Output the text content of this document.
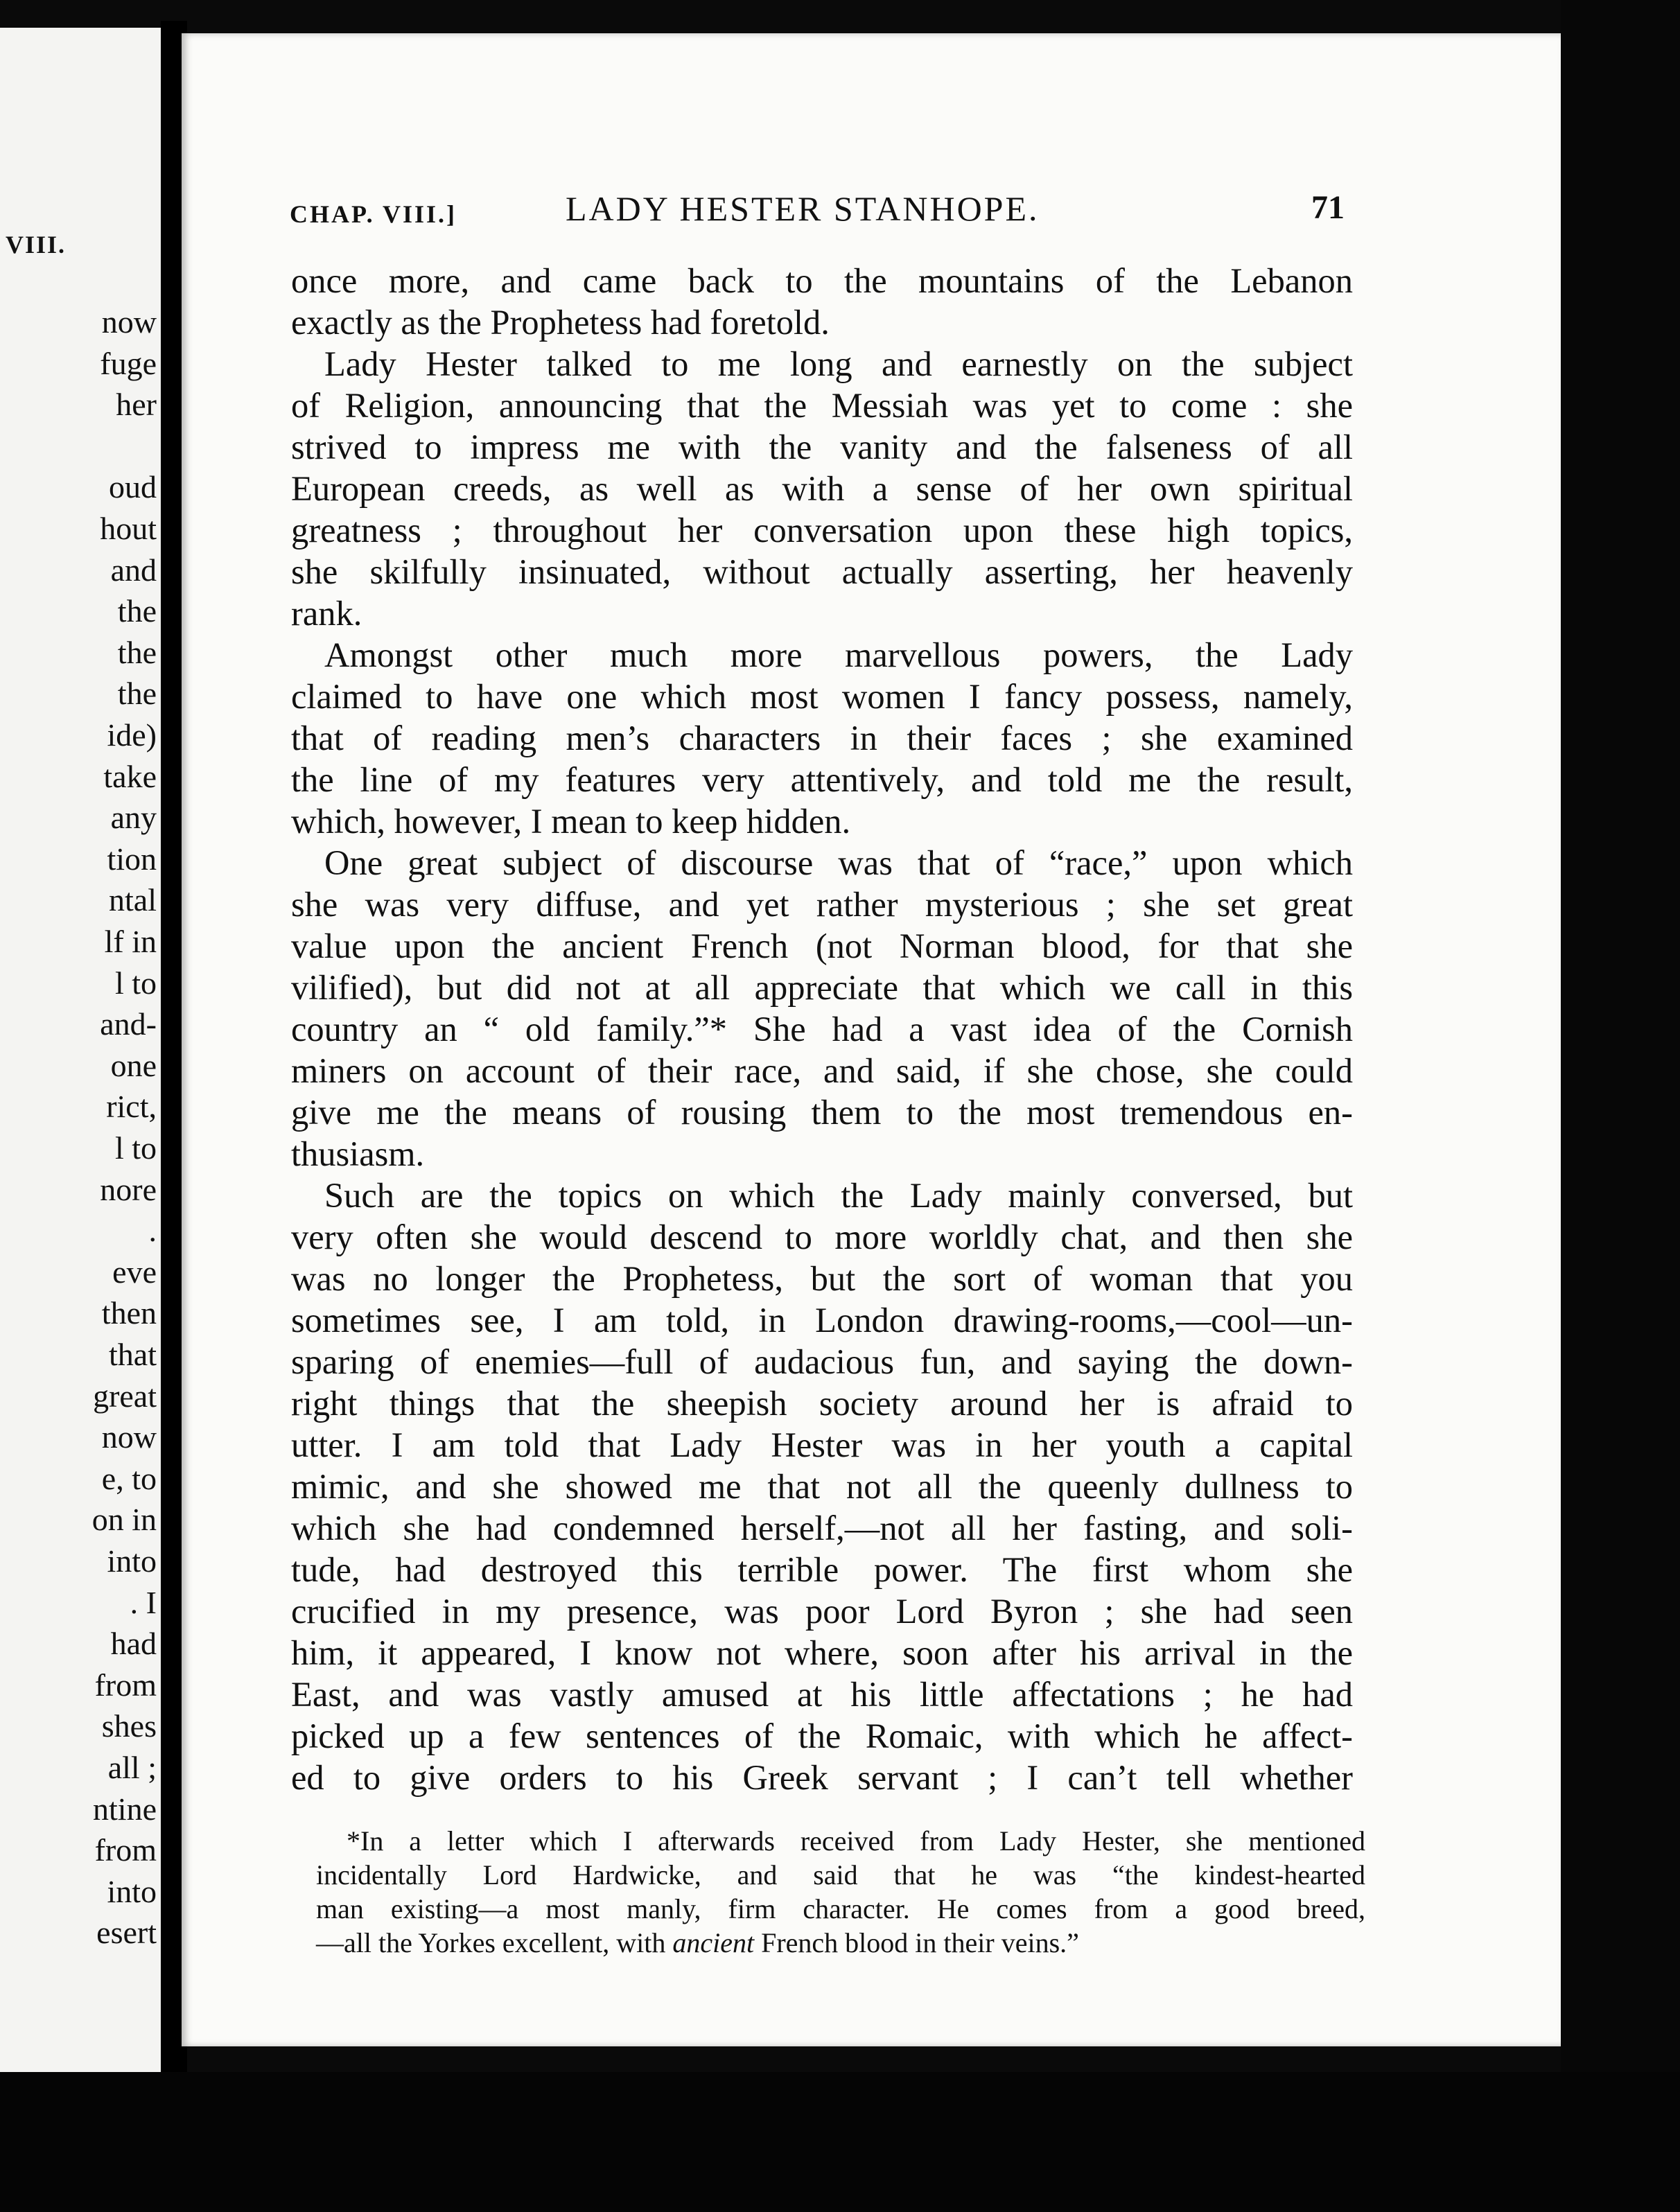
VIII.
now
fuge
her
oud
hout
and
the
the
the
ide)
take
any
tion
ntal
lf in
l to
and-
one
rict,
l to
nore
.
eve
then
that
great
now
e, to
on in
into
. I
had
from
shes
all ;
ntine
from
into
esert
CHAP. VIII.]	LADY HESTER STANHOPE.	71
once more, and came back to the mountains of the Lebanon
exactly as the Prophetess had foretold.
Lady Hester talked to me long and earnestly on the subject
of Religion, announcing that the Messiah was yet to come : she
strived to impress me with the vanity and the falseness of all
European creeds, as well as with a sense of her own spiritual
greatness ; throughout her conversation upon these high topics,
she skilfully insinuated, without actually asserting, her heavenly
rank.
Amongst other much more marvellous powers, the Lady
claimed to have one which most women I fancy possess, namely,
that of reading men’s characters in their faces ; she examined
the line of my features very attentively, and told me the result,
which, however, I mean to keep hidden.
One great subject of discourse was that of “race,” upon which
she was very diffuse, and yet rather mysterious ; she set great
value upon the ancient French (not Norman blood, for that she
vilified), but did not at all appreciate that which we call in this
country an “ old family.”* She had a vast idea of the Cornish
miners on account of their race, and said, if she chose, she could
give me the means of rousing them to the most tremendous en-
thusiasm.
Such are the topics on which the Lady mainly conversed, but
very often she would descend to more worldly chat, and then she
was no longer the Prophetess, but the sort of woman that you
sometimes see, I am told, in London drawing-rooms,—cool—un-
sparing of enemies—full of audacious fun, and saying the down-
right things that the sheepish society around her is afraid to
utter. I am told that Lady Hester was in her youth a capital
mimic, and she showed me that not all the queenly dullness to
which she had condemned herself,—not all her fasting, and soli-
tude, had destroyed this terrible power. The first whom she
crucified in my presence, was poor Lord Byron ; she had seen
him, it appeared, I know not where, soon after his arrival in the
East, and was vastly amused at his little affectations ; he had
picked up a few sentences of the Romaic, with which he affect-
ed to give orders to his Greek servant ; I can’t tell whether
*In a letter which I afterwards received from Lady Hester, she mentioned
incidentally Lord Hardwicke, and said that he was “the kindest-hearted
man existing—a most manly, firm character. He comes from a good breed,
—all the Yorkes excellent, with ancient French blood in their veins.”
